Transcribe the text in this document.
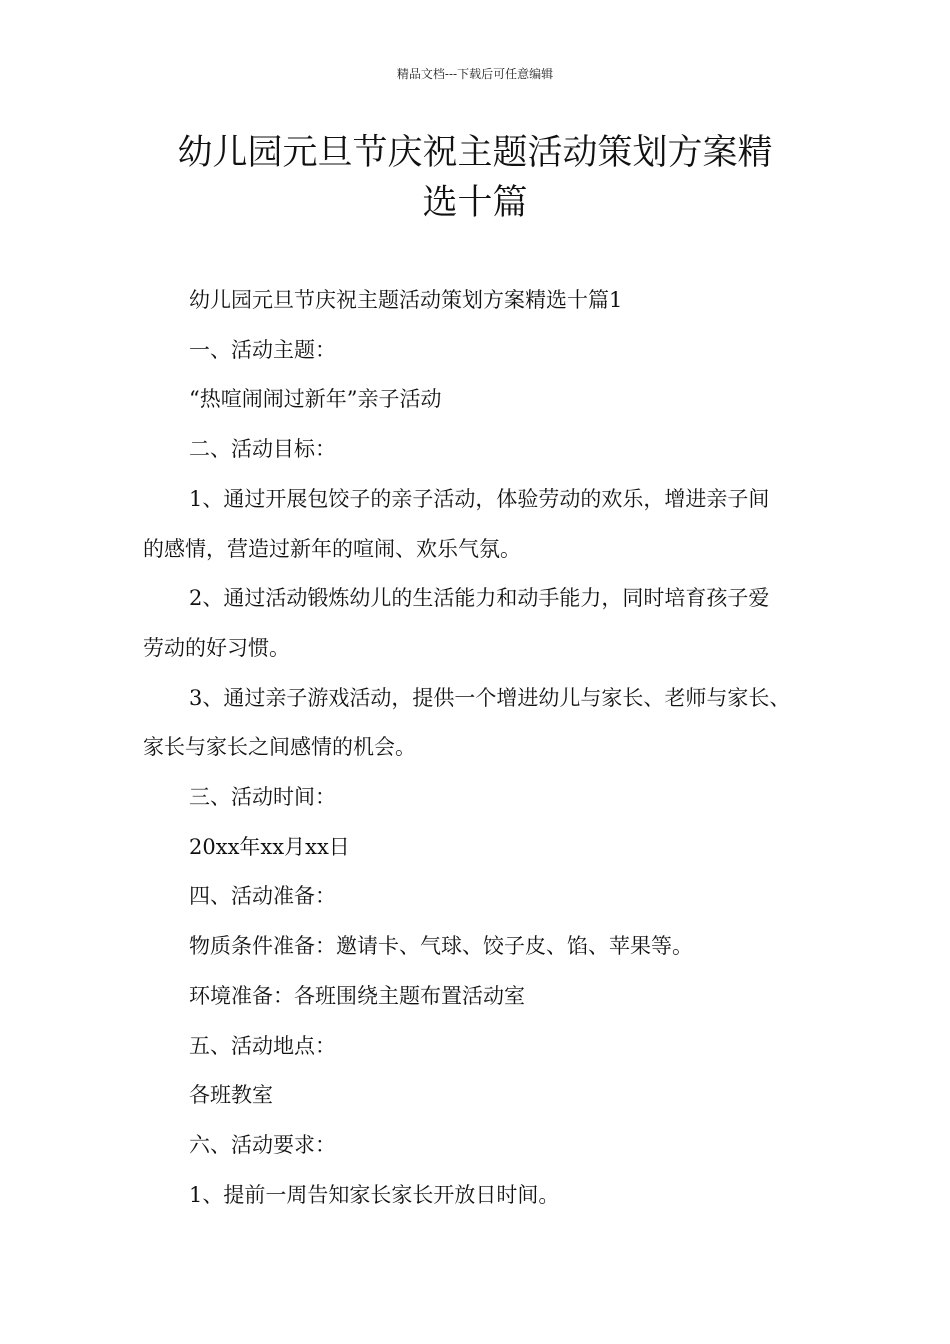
精品文档---下载后可任意编辑
幼儿园元旦节庆祝主题活动策划方案精
选十篇

幼儿园元旦节庆祝主题活动策划方案精选十篇1

一、活动主题：

“热喧闹闹过新年”亲子活动

二、活动目标：

1、通过开展包饺子的亲子活动，体验劳动的欢乐，增进亲子间

的感情，营造过新年的喧闹、欢乐气氛。

2、通过活动锻炼幼儿的生活能力和动手能力，同时培育孩子爱

劳动的好习惯。

3、通过亲子游戏活动，提供一个增进幼儿与家长、老师与家长、

家长与家长之间感情的机会。

三、活动时间：

20xx年xx月xx日

四、活动准备：

物质条件准备：邀请卡、气球、饺子皮、馅、苹果等。

环境准备：各班围绕主题布置活动室

五、活动地点：

各班教室

六、活动要求：

1、提前一周告知家长家长开放日时间。
